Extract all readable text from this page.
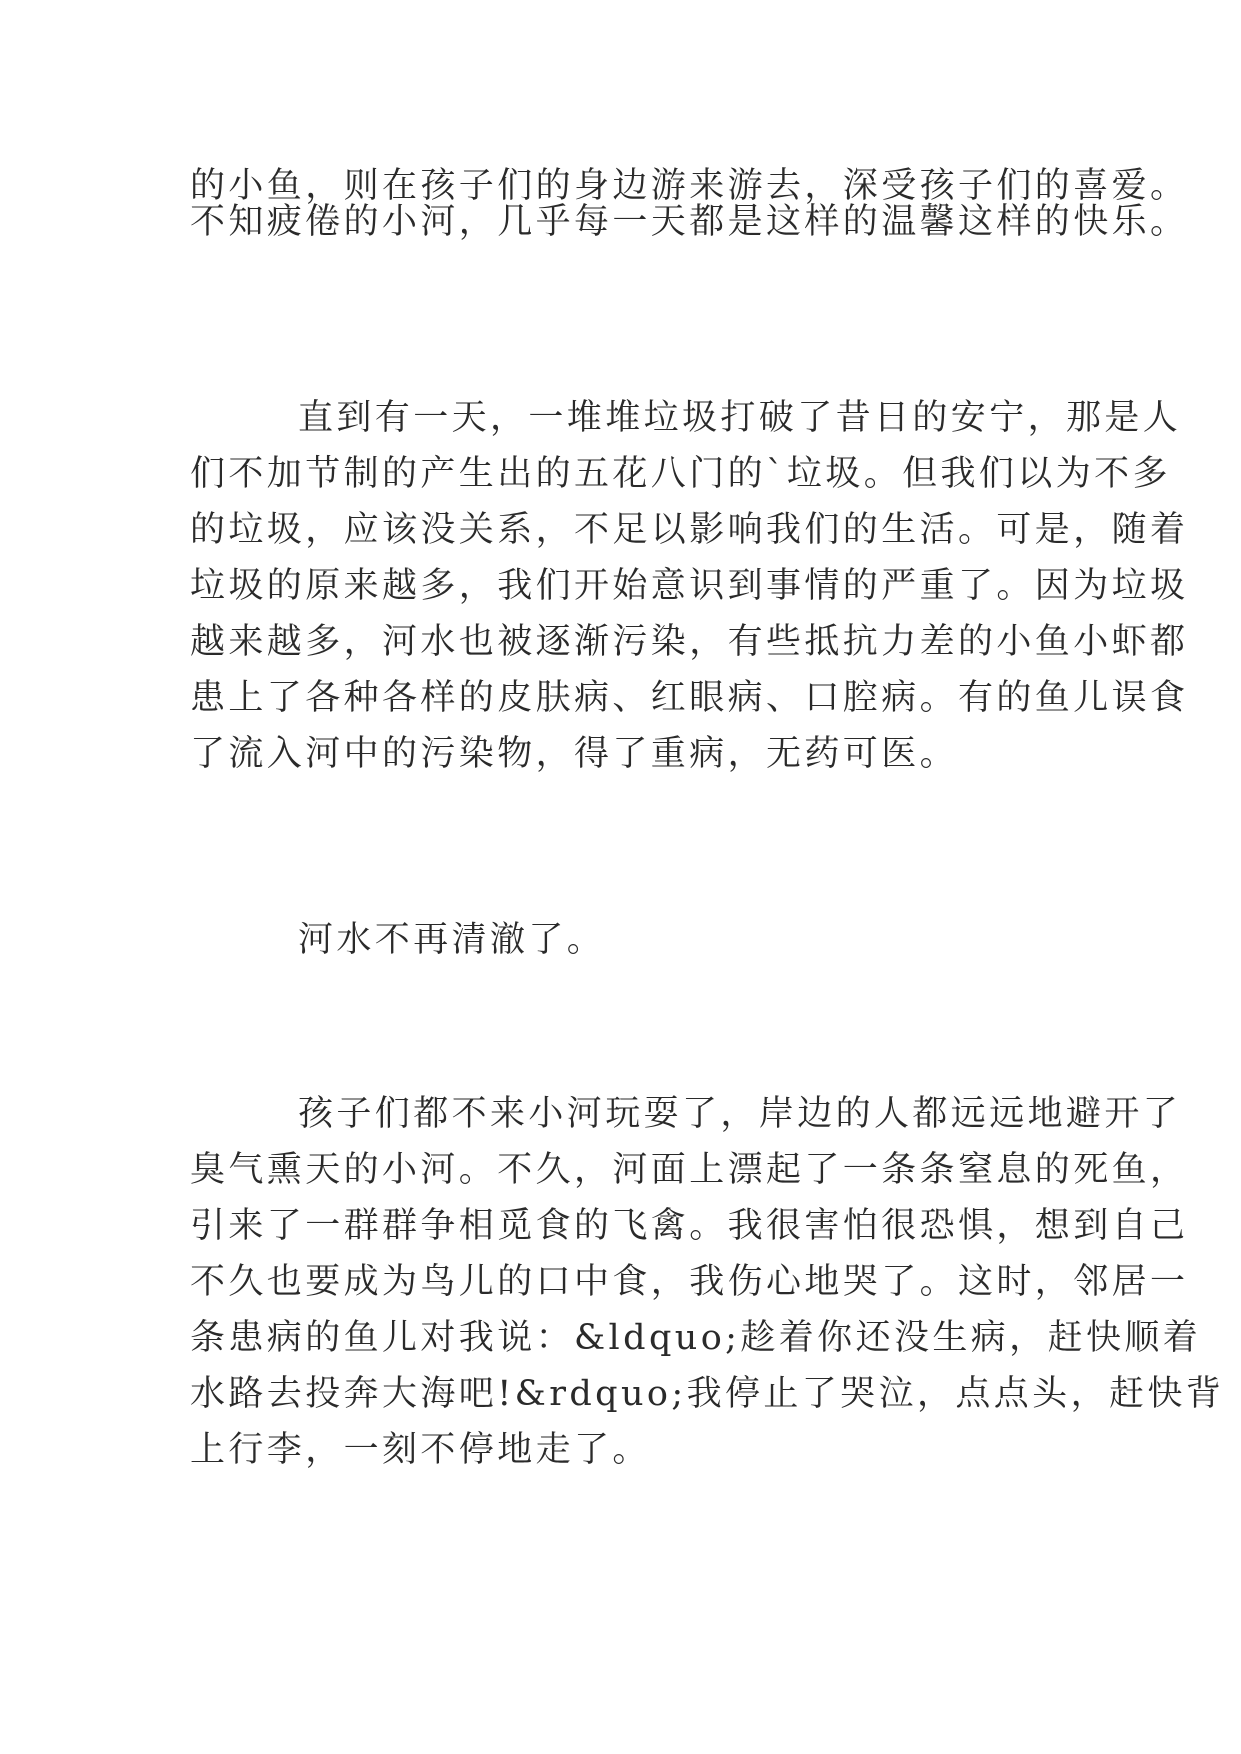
的小鱼，则在孩子们的身边游来游去，深受孩子们的喜爱。

不知疲倦的小河，几乎每一天都是这样的温馨这样的快乐。

直到有一天，一堆堆垃圾打破了昔日的安宁，那是人

们不加节制的产生出的五花八门的`垃圾。但我们以为不多

的垃圾，应该没关系，不足以影响我们的生活。可是，随着

垃圾的原来越多，我们开始意识到事情的严重了。因为垃圾

越来越多，河水也被逐渐污染，有些抵抗力差的小鱼小虾都

患上了各种各样的皮肤病、红眼病、口腔病。有的鱼儿误食

了流入河中的污染物，得了重病，无药可医。

河水不再清澈了。

孩子们都不来小河玩耍了，岸边的人都远远地避开了

臭气熏天的小河。不久，河面上漂起了一条条窒息的死鱼，

引来了一群群争相觅食的飞禽。我很害怕很恐惧，想到自己

不久也要成为鸟儿的口中食，我伤心地哭了。这时，邻居一

条患病的鱼儿对我说：&ldquo;趁着你还没生病，赶快顺着

水路去投奔大海吧!&rdquo;我停止了哭泣，点点头，赶快背

上行李，一刻不停地走了。
